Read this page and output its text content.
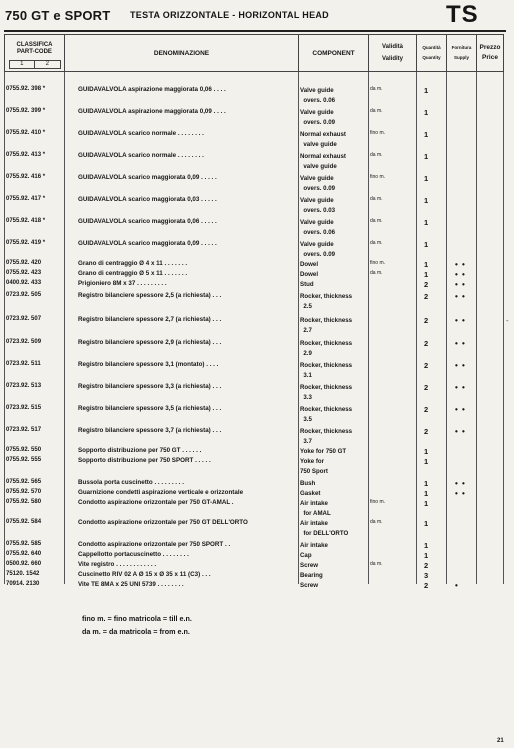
750 GT e SPORT TESTA ORIZZONTALE - HORIZONTAL HEAD	TS
CLASSIFICA
PART-CODE
1	2
DENOMINAZIONE	COMPONENT
Validità
Validity
Quantità
Quantity
Fornitura
Supply
Prezzo
Price
0755.92. 398 *	GUIDAVALVOLA aspirazione maggiorata 0,06 . . . .	Valve guide
overs. 0.06
da m.	1
0755.92. 399 *	GUIDAVALVOLA aspirazione maggiorata 0,09 . . . .	Valve guide
overs. 0.09
da m.	1
0755.92. 410 *	GUIDAVALVOLA scarico normale . . . . . . . .	Normal exhaust
valve guide
fino m.	1
0755.92. 413 *	GUIDAVALVOLA scarico normale . . . . . . . .	Normal exhaust
valve guide
da m.	1
0755.92. 416 *	GUIDAVALVOLA scarico maggiorata 0,09 . . . . .	Valve guide
overs. 0.09
fino m.	1
0755.92. 417 *	GUIDAVALVOLA scarico maggiorata 0,03 . . . . .	Valve guide
overs. 0.03
da m.	1
0755.92. 418 *	GUIDAVALVOLA scarico maggiorata 0,06 . . . . .	Valve guide
overs. 0.06
da m.	1
0755.92. 419 *	GUIDAVALVOLA scarico maggiorata 0,09 . . . . .	Valve guide
overs. 0.09
da m.	1
0755.92. 420	Grano di centraggio Ø 4 x 11 . . . . . . .	Dowel	fino m.	1	• •
0755.92. 423	Grano di centraggio Ø 5 x 11 . . . . . . .	Dowel	da m.	1	• •
0400.92. 433	Prigioniero 8M x 37 . . . . . . . . .	Stud	2	• •
0723.92. 505	Registro bilanciere spessore 2,5 (a richiesta) . . .	Rocker, thickness
2.5
2	• •
0723.92. 507	Registro bilanciere spessore 2,7 (a richiesta) . . .	Rocker, thickness
2.7
2	• •
0723.92. 509	Registro bilanciere spessore 2,9 (a richiesta) . . .	Rocker, thickness
2.9
2	• •
0723.92. 511	Registro bilanciere spessore 3,1 (montato) . . . .	Rocker, thickness
3.1
2	• •
0723.92. 513	Registro bilanciere spessore 3,3 (a richiesta) . . .	Rocker, thickness
3.3
2	• •
0723.92. 515	Registro bilanciere spessore 3,5 (a richiesta) . . .	Rocker, thickness
3.5
2	• •
0723.92. 517	Registro bilanciere spessore 3,7 (a richiesta) . . .	Rocker, thickness
3.7
2	• •
0755.92. 550	Sopporto distribuzione per 750 GT . . . . . .	Yoke for 750 GT	1
0755.92. 555	Sopporto distribuzione per 750 SPORT . . . . .	Yoke for
750 Sport
1
0755.92. 565	Bussola porta cuscinetto . . . . . . . . .	Bush	1	• •
0755.92. 570	Guarnizione condetti aspirazione verticale e orizzontale	Gasket	1	• •
0755.92. 580	Condotto aspirazione orizzontale per 750 GT-AMAL .	Air intake
for AMAL
fino m.	1
0755.92. 584	Condotto aspirazione orizzontale per 750 GT DELL'ORTO	Air intake
for DELL'ORTO
da m.	1
0755.92. 585	Condotto aspirazione orizzontale per 750 SPORT . .	Air intake	1
0755.92. 640	Cappellotto portacuscinetto . . . . . . . .	Cap	1
0500.92. 660	Vite registro . . . . . . . . . . . .	Screw	da m.	2
75120. 1542	Cuscinetto RIV 02 A Ø 15 x Ø 35 x 11 (C3) . . .	Bearing	3
70914. 2130	Vite TE 8MA x 25 UNI 5739 . . . . . . . .	Screw	2	•
fino m. = fino matricola = till e.n.
da m. = da matricola = from e.n.
21
-
